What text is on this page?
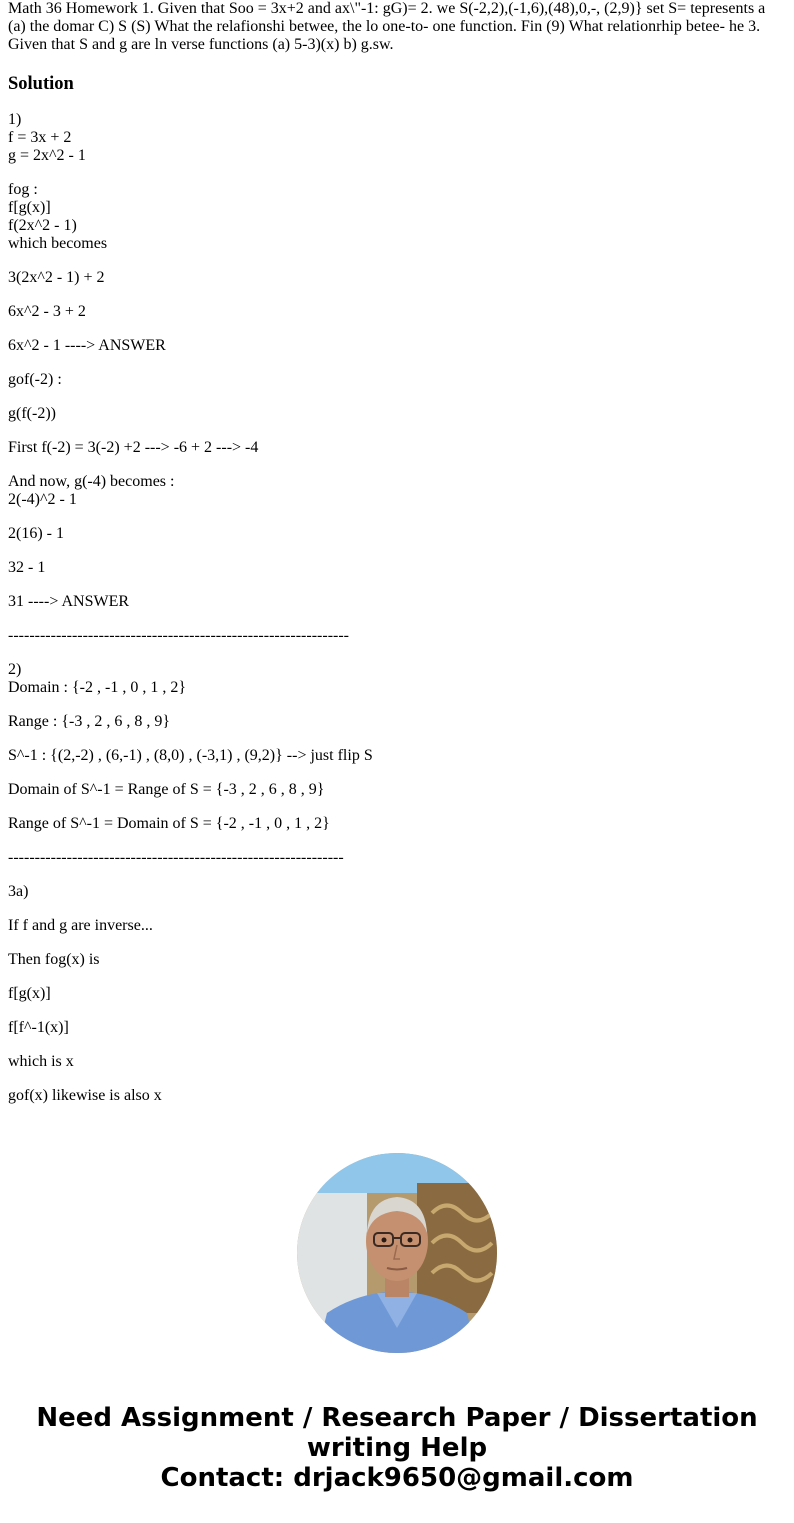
Math 36 Homework 1. Given that Soo = 3x+2 and ax\"-1: gG)= 2. we S(-2,2),(-1,6),(48),0,-, (2,9)} set S= tepresents a (a) the domar C) S (S) What the relafionshi betwee, the lo one-to- one function. Fin (9) What relationrhip betee- he 3. Given that S and g are ln verse functions (a) 5-3)(x) b) g.sw.

Solution
1)
f = 3x + 2
g = 2x^2 - 1
fog :
f[g(x)]
f(2x^2 - 1)
which becomes
3(2x^2 - 1) + 2
6x^2 - 3 + 2
6x^2 - 1 ----> ANSWER
gof(-2) :
g(f(-2))
First f(-2) = 3(-2) +2 ---> -6 + 2 ---> -4
And now, g(-4) becomes :
2(-4)^2 - 1
2(16) - 1
32 - 1
31 ----> ANSWER
----------------------------------------------------------------
2)
Domain : {-2 , -1 , 0 , 1 , 2}
Range : {-3 , 2 , 6 , 8 , 9}
S^-1 : {(2,-2) , (6,-1) , (8,0) , (-3,1) , (9,2)} --> just flip S
Domain of S^-1 = Range of S = {-3 , 2 , 6 , 8 , 9}
Range of S^-1 = Domain of S = {-2 , -1 , 0 , 1 , 2}
---------------------------------------------------------------
3a)
If f and g are inverse...
Then fog(x) is
f[g(x)]
f[f^-1(x)]
which is x
gof(x) likewise is also x
Need Assignment / Research Paper / Dissertation
writing Help
Contact: drjack9650@gmail.com
